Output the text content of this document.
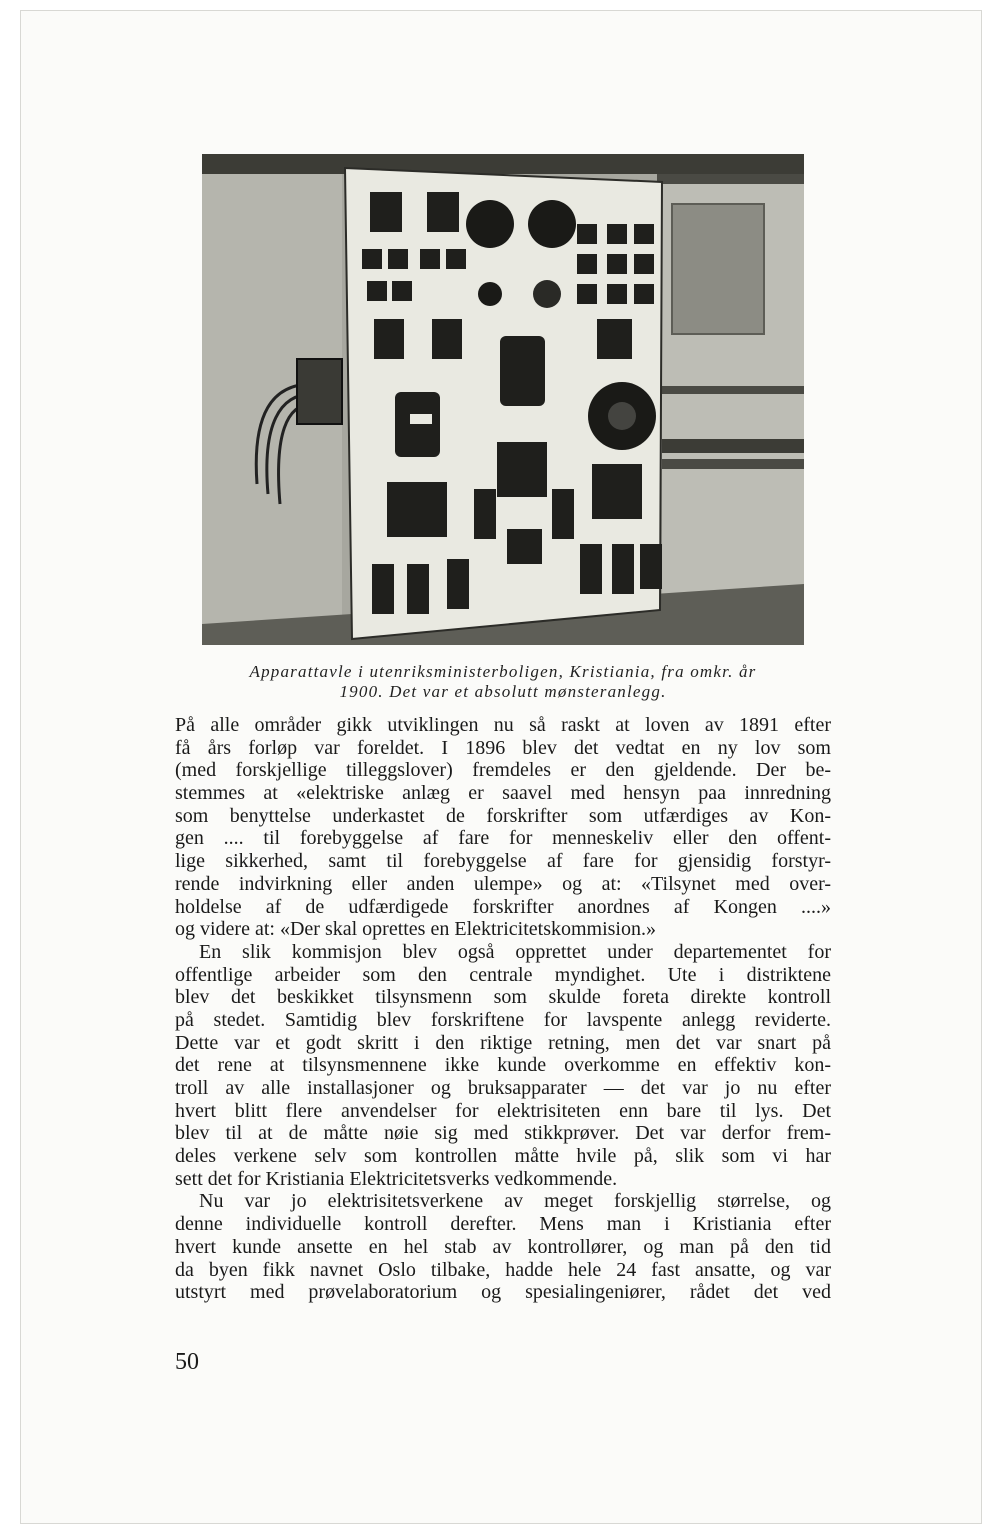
Apparattavle i utenriksministerboligen, Kristiania, fra omkr. år
1900. Det var et absolutt mønsteranlegg.
På alle områder gikk utviklingen nu så raskt at loven av 1891 efter
få års forløp var foreldet. I 1896 blev det vedtat en ny lov som
(med forskjellige tilleggslover) fremdeles er den gjeldende. Der be-
stemmes at «elektriske anlæg er saavel med hensyn paa innredning
som benyttelse underkastet de forskrifter som utfærdiges av Kon-
gen .... til forebyggelse af fare for menneskeliv eller den offent-
lige sikkerhed, samt til forebyggelse af fare for gjensidig forstyr-
rende indvirkning eller anden ulempe» og at: «Tilsynet med over-
holdelse af de udfærdigede forskrifter anordnes af Kongen ....»
og videre at: «Der skal oprettes en Elektricitetskommision.»
En slik kommisjon blev også opprettet under departementet for
offentlige arbeider som den centrale myndighet. Ute i distriktene
blev det beskikket tilsynsmenn som skulde foreta direkte kontroll
på stedet. Samtidig blev forskriftene for lavspente anlegg reviderte.
Dette var et godt skritt i den riktige retning, men det var snart på
det rene at tilsynsmennene ikke kunde overkomme en effektiv kon-
troll av alle installasjoner og bruksapparater — det var jo nu efter
hvert blitt flere anvendelser for elektrisiteten enn bare til lys. Det
blev til at de måtte nøie sig med stikkprøver. Det var derfor frem-
deles verkene selv som kontrollen måtte hvile på, slik som vi har
sett det for Kristiania Elektricitetsverks vedkommende.
Nu var jo elektrisitetsverkene av meget forskjellig størrelse, og
denne individuelle kontroll derefter. Mens man i Kristiania efter
hvert kunde ansette en hel stab av kontrollører, og man på den tid
da byen fikk navnet Oslo tilbake, hadde hele 24 fast ansatte, og var
utstyrt med prøvelaboratorium og spesialingeniører, rådet det ved
50
